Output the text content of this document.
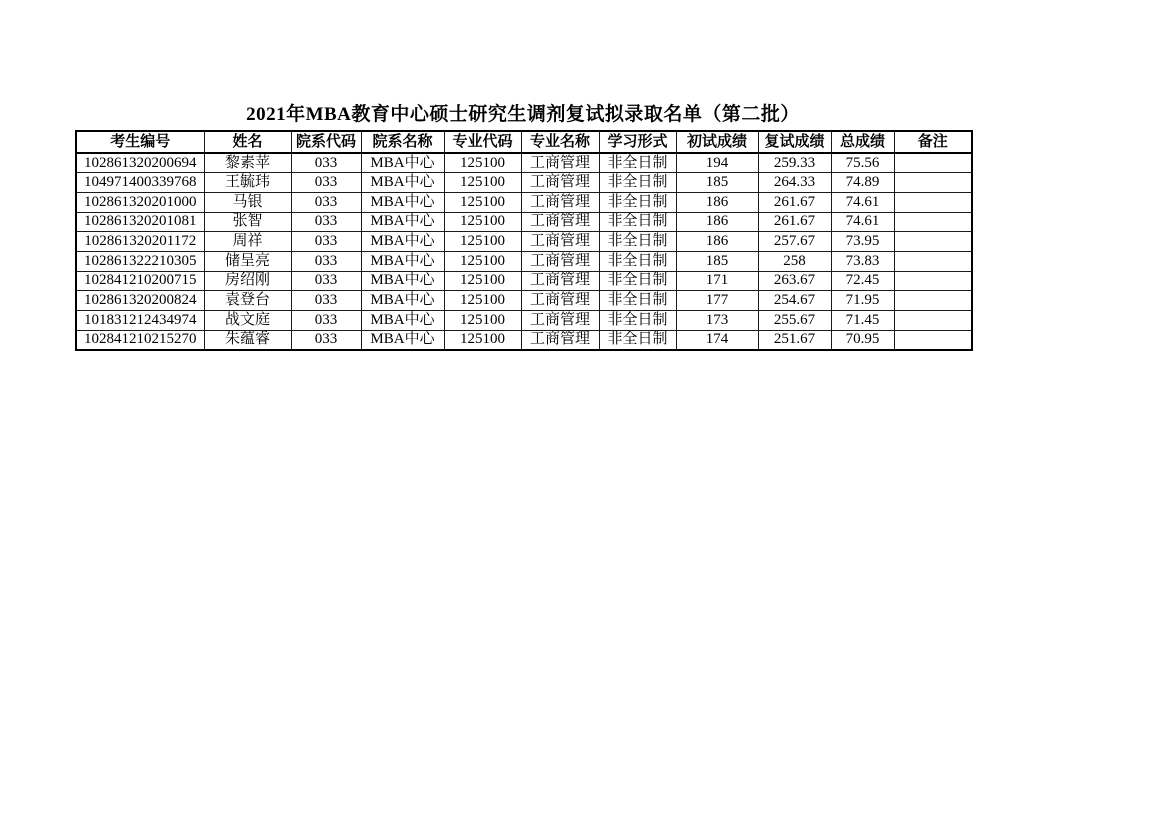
2021年MBA教育中心硕士研究生调剂复试拟录取名单（第二批）
考生编号	姓名	院系代码	院系名称	专业代码	专业名称	学习形式	初试成绩	复试成绩	总成绩	备注
102861320200694	黎素苹	033	MBA中心	125100	工商管理	非全日制	194	259.33	75.56	
104971400339768	王毓玮	033	MBA中心	125100	工商管理	非全日制	185	264.33	74.89	
102861320201000	马银	033	MBA中心	125100	工商管理	非全日制	186	261.67	74.61	
102861320201081	张智	033	MBA中心	125100	工商管理	非全日制	186	261.67	74.61	
102861320201172	周祥	033	MBA中心	125100	工商管理	非全日制	186	257.67	73.95	
102861322210305	储呈亮	033	MBA中心	125100	工商管理	非全日制	185	258	73.83	
102841210200715	房绍刚	033	MBA中心	125100	工商管理	非全日制	171	263.67	72.45	
102861320200824	袁登台	033	MBA中心	125100	工商管理	非全日制	177	254.67	71.95	
101831212434974	战文庭	033	MBA中心	125100	工商管理	非全日制	173	255.67	71.45	
102841210215270	朱蕴睿	033	MBA中心	125100	工商管理	非全日制	174	251.67	70.95	
